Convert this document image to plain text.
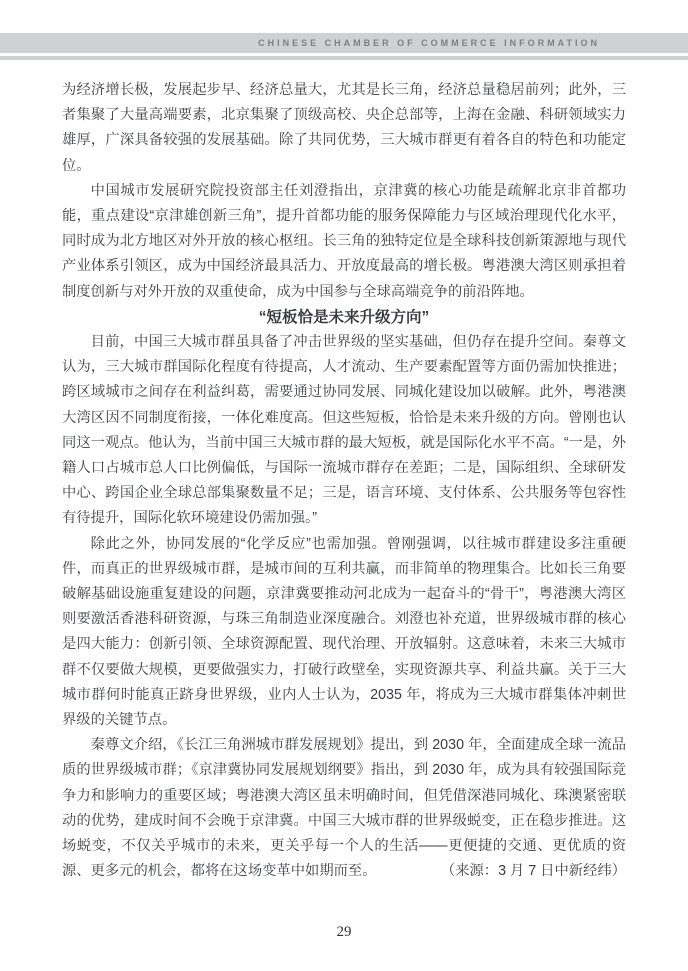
CHINESE CHAMBER OF COMMERCE INFORMATION

为经济增长极，发展起步早、经济总量大，尤其是长三角，经济总量稳居前列；此外，三者集聚了大量高端要素，北京集聚了顶级高校、央企总部等，上海在金融、科研领域实力雄厚，广深具备较强的发展基础。除了共同优势，三大城市群更有着各自的特色和功能定位。

中国城市发展研究院投资部主任刘澄指出，京津冀的核心功能是疏解北京非首都功能，重点建设“京津雄创新三角”，提升首都功能的服务保障能力与区域治理现代化水平，同时成为北方地区对外开放的核心枢纽。长三角的独特定位是全球科技创新策源地与现代产业体系引领区，成为中国经济最具活力、开放度最高的增长极。粤港澳大湾区则承担着制度创新与对外开放的双重使命，成为中国参与全球高端竞争的前沿阵地。

“短板恰是未来升级方向”

目前，中国三大城市群虽具备了冲击世界级的坚实基础，但仍存在提升空间。秦尊文认为，三大城市群国际化程度有待提高，人才流动、生产要素配置等方面仍需加快推进；跨区域城市之间存在利益纠葛，需要通过协同发展、同城化建设加以破解。此外，粤港澳大湾区因不同制度衔接，一体化难度高。但这些短板，恰恰是未来升级的方向。曾刚也认同这一观点。他认为，当前中国三大城市群的最大短板，就是国际化水平不高。“一是，外籍人口占城市总人口比例偏低，与国际一流城市群存在差距；二是，国际组织、全球研发中心、跨国企业全球总部集聚数量不足；三是，语言环境、支付体系、公共服务等包容性有待提升，国际化软环境建设仍需加强。”

除此之外，协同发展的“化学反应”也需加强。曾刚强调，以往城市群建设多注重硬件，而真正的世界级城市群，是城市间的互利共赢，而非简单的物理集合。比如长三角要破解基础设施重复建设的问题，京津冀要推动河北成为一起奋斗的“骨干”，粤港澳大湾区则要激活香港科研资源，与珠三角制造业深度融合。刘澄也补充道，世界级城市群的核心是四大能力：创新引领、全球资源配置、现代治理、开放辐射。这意味着，未来三大城市群不仅要做大规模，更要做强实力，打破行政壁垒，实现资源共享、利益共赢。关于三大城市群何时能真正跻身世界级，业内人士认为，2035 年，将成为三大城市群集体冲刺世界级的关键节点。

秦尊文介绍，《长江三角洲城市群发展规划》提出，到 2030 年，全面建成全球一流品质的世界级城市群；《京津冀协同发展规划纲要》指出，到 2030 年，成为具有较强国际竞争力和影响力的重要区域；粤港澳大湾区虽未明确时间，但凭借深港同城化、珠澳紧密联动的优势，建成时间不会晚于京津冀。中国三大城市群的世界级蜕变，正在稳步推进。这场蜕变，不仅关乎城市的未来，更关乎每一个人的生活——更便捷的交通、更优质的资源、更多元的机会，都将在这场变革中如期而至。	（来源：3 月 7 日中新经纬）

29
